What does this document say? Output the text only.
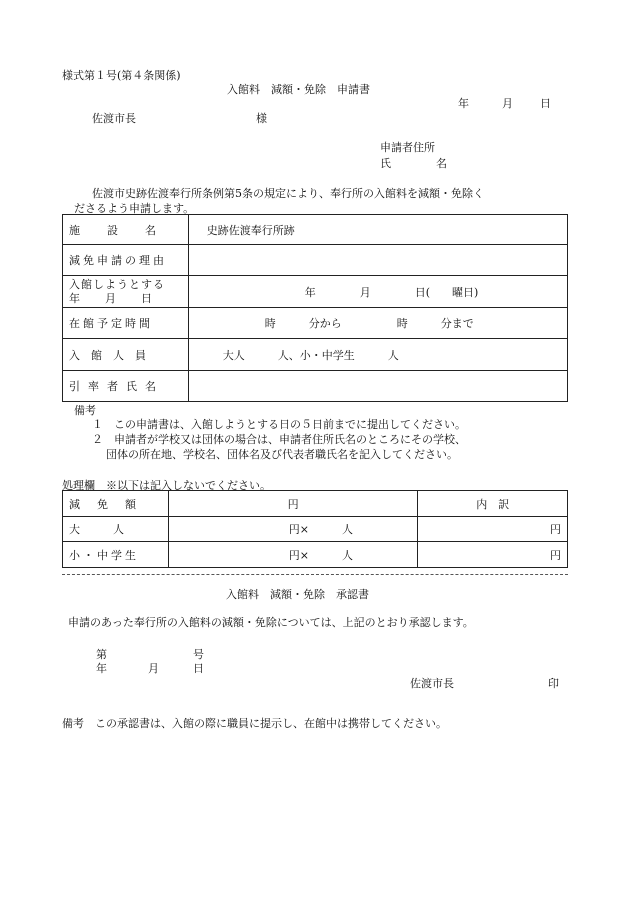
様式第１号(第４条関係)
入館料　減額・免除　申請書
年	月 日
佐渡市長	様
申請者住所
氏	名
佐渡市史跡佐渡奉行所条例第5条の規定により、奉行所の入館料を減額・免除く
ださるよう申請します。
施　設　名	史跡佐渡奉行所跡
減免申請の理由	

入館しようとする
年　　月　　日	年　　　　月　　　　日(　　曜日)
在館予定時間	時　　　分から　　　　　時　　　分まで
入　館　人　員	大人　　　人、小・中学生　　　人
引率者氏名	
備考
１　この申請書は、入館しようとする日の５日前までに提出してください。
２　申請者が学校又は団体の場合は、申請者住所氏名のところにその学校、
団体の所在地、学校名、団体名及び代表者職氏名を記入してください。
処理欄　※以下は記入しないでください。
減　免　額	円	内　訳
大　　　人	円×　　　人	円
小・中学生	円×　　　人	円
入館料　減額・免除　承認書
申請のあった奉行所の入館料の減額・免除については、上記のとおり承認します。
第	号
年	月	日
佐渡市長	印
備考　この承認書は、入館の際に職員に提示し、在館中は携帯してください。
